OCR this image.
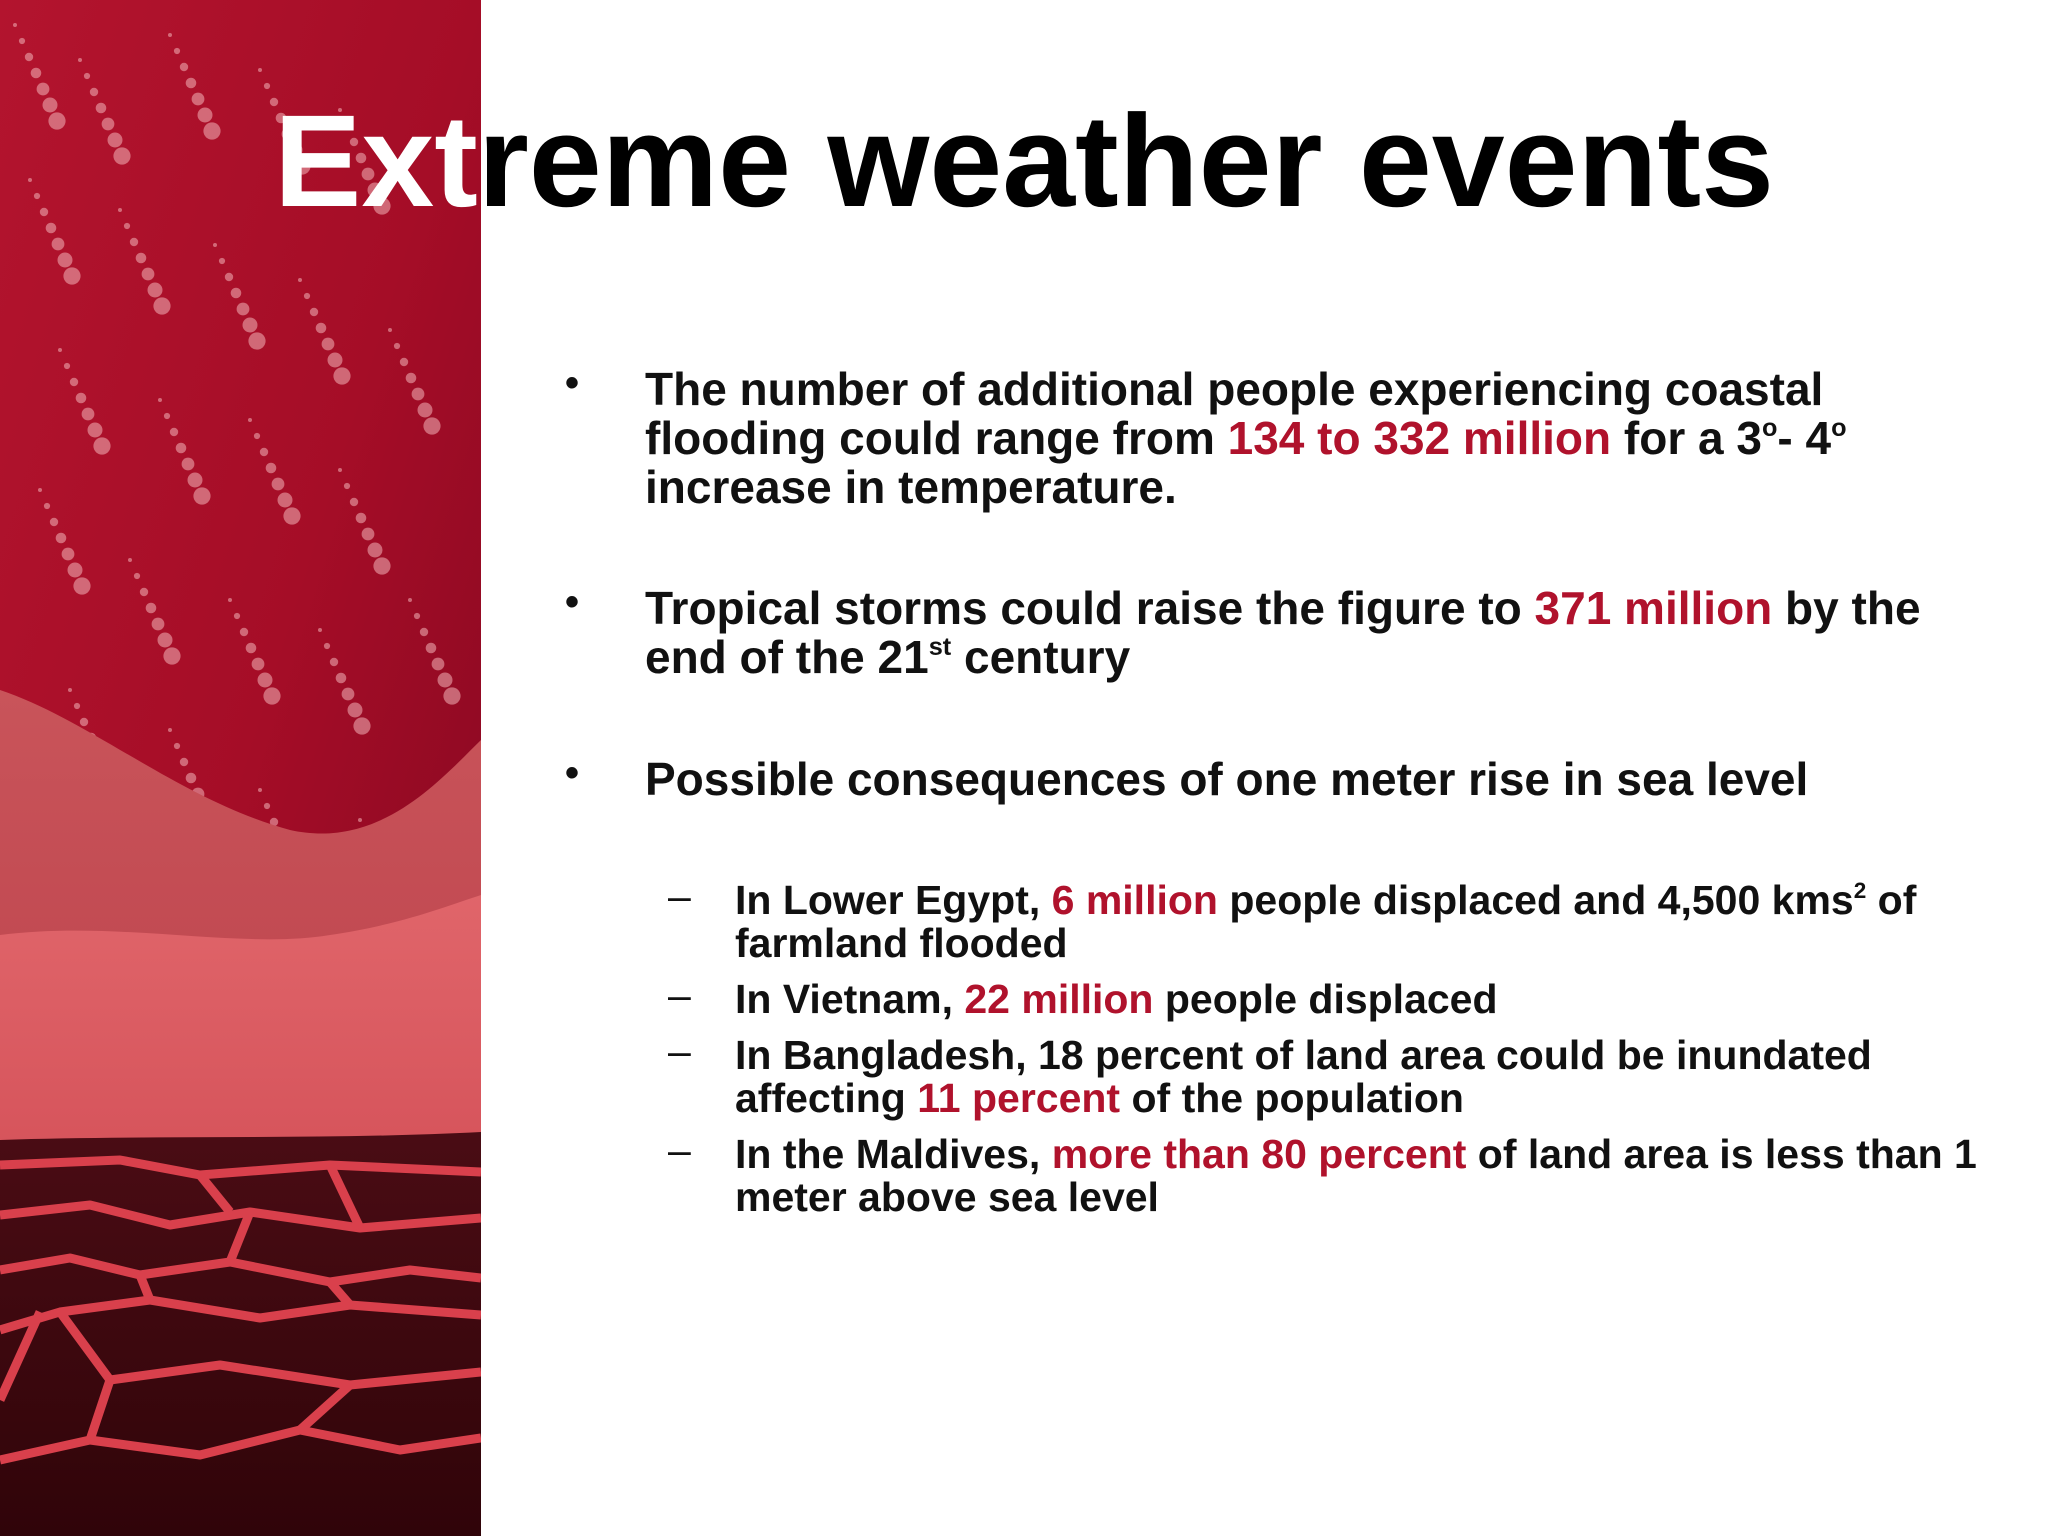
Extreme weather events

• The number of additional people experiencing coastal flooding could range from 134 to 332 million for a 3$^o$- 4$^o$ increase in temperature.

• Tropical storms could raise the figure to 371 million by the end of the 21st century

• Possible consequences of one meter rise in sea level

– In Lower Egypt, 6 million people displaced and 4,500 kms$^2$ of farmland flooded

– In Vietnam, 22 million people displaced

– In Bangladesh, 18 percent of land area could be inundated affecting 11 percent of the population

– In the Maldives, more than 80 percent of land area is less than 1 meter above sea level
